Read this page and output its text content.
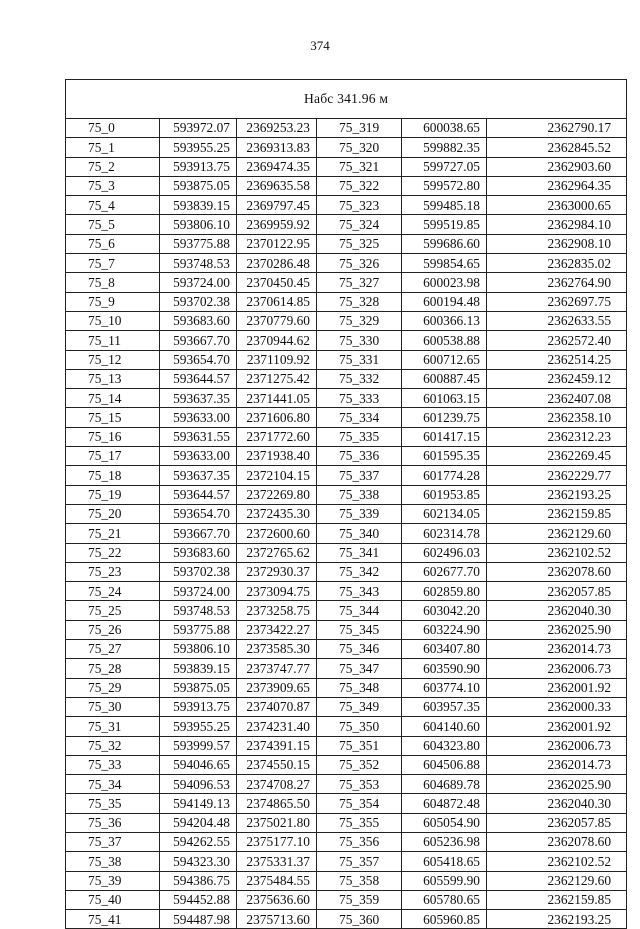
374
Набс 341.96 м					
75_0	593972.07	2369253.23	75_319	600038.65	2362790.17
75_1	593955.25	2369313.83	75_320	599882.35	2362845.52
75_2	593913.75	2369474.35	75_321	599727.05	2362903.60
75_3	593875.05	2369635.58	75_322	599572.80	2362964.35
75_4	593839.15	2369797.45	75_323	599485.18	2363000.65
75_5	593806.10	2369959.92	75_324	599519.85	2362984.10
75_6	593775.88	2370122.95	75_325	599686.60	2362908.10
75_7	593748.53	2370286.48	75_326	599854.65	2362835.02
75_8	593724.00	2370450.45	75_327	600023.98	2362764.90
75_9	593702.38	2370614.85	75_328	600194.48	2362697.75
75_10	593683.60	2370779.60	75_329	600366.13	2362633.55
75_11	593667.70	2370944.62	75_330	600538.88	2362572.40
75_12	593654.70	2371109.92	75_331	600712.65	2362514.25
75_13	593644.57	2371275.42	75_332	600887.45	2362459.12
75_14	593637.35	2371441.05	75_333	601063.15	2362407.08
75_15	593633.00	2371606.80	75_334	601239.75	2362358.10
75_16	593631.55	2371772.60	75_335	601417.15	2362312.23
75_17	593633.00	2371938.40	75_336	601595.35	2362269.45
75_18	593637.35	2372104.15	75_337	601774.28	2362229.77
75_19	593644.57	2372269.80	75_338	601953.85	2362193.25
75_20	593654.70	2372435.30	75_339	602134.05	2362159.85
75_21	593667.70	2372600.60	75_340	602314.78	2362129.60
75_22	593683.60	2372765.62	75_341	602496.03	2362102.52
75_23	593702.38	2372930.37	75_342	602677.70	2362078.60
75_24	593724.00	2373094.75	75_343	602859.80	2362057.85
75_25	593748.53	2373258.75	75_344	603042.20	2362040.30
75_26	593775.88	2373422.27	75_345	603224.90	2362025.90
75_27	593806.10	2373585.30	75_346	603407.80	2362014.73
75_28	593839.15	2373747.77	75_347	603590.90	2362006.73
75_29	593875.05	2373909.65	75_348	603774.10	2362001.92
75_30	593913.75	2374070.87	75_349	603957.35	2362000.33
75_31	593955.25	2374231.40	75_350	604140.60	2362001.92
75_32	593999.57	2374391.15	75_351	604323.80	2362006.73
75_33	594046.65	2374550.15	75_352	604506.88	2362014.73
75_34	594096.53	2374708.27	75_353	604689.78	2362025.90
75_35	594149.13	2374865.50	75_354	604872.48	2362040.30
75_36	594204.48	2375021.80	75_355	605054.90	2362057.85
75_37	594262.55	2375177.10	75_356	605236.98	2362078.60
75_38	594323.30	2375331.37	75_357	605418.65	2362102.52
75_39	594386.75	2375484.55	75_358	605599.90	2362129.60
75_40	594452.88	2375636.60	75_359	605780.65	2362159.85
75_41	594487.98	2375713.60	75_360	605960.85	2362193.25
